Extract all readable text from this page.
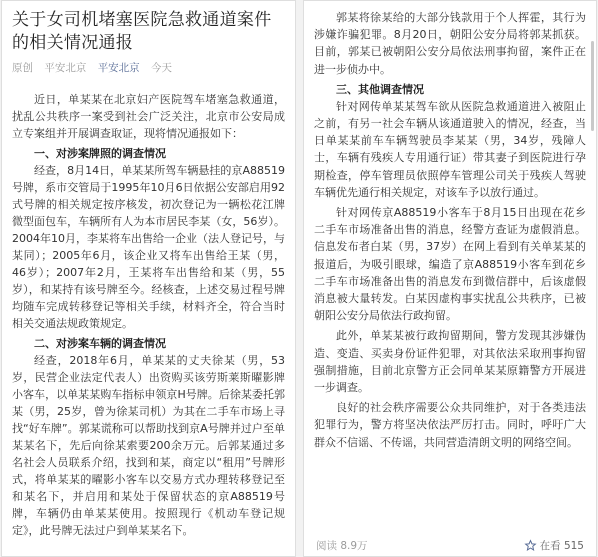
关于女司机堵塞医院急救通道案件的相关情况通报
原创 平安北京 平安北京 今天

近日，单某某在北京妇产医院驾车堵塞急救通道，扰乱公共秩序一案受到社会广泛关注，北京市公安局成立专案组并开展调查取证，现将情况通报如下：

一、对涉案牌照的调查情况

经查，8月14日，单某某所驾车辆悬挂的京A88519号牌，系市交管局于1995年10月6日依据公安部启用92式号牌的相关规定按序核发，初次登记为一辆松花江牌微型面包车，车辆所有人为本市居民李某（女，56岁）。2004年10月，李某将车出售给一企业（法人登记号，与某同）；2005年6月，该企业又将车出售给王某（男，46岁）；2007年2月，王某将车出售给和某（男，55岁），和某持有该号牌至今。经核查，上述交易过程号牌均随车完成转移登记等相关手续，材料齐全，符合当时相关交通法规政策规定。

二、对涉案车辆的调查情况

经查，2018年6月，单某某的丈夫徐某（男，53岁，民营企业法定代表人）出资购买该劳斯莱斯曜影牌小客车，以单某某购车指标申领京H号牌。后徐某委托郭某（男，25岁，曾为徐某司机）为其在二手车市场上寻找“好车牌”。郭某谎称可以帮助找到京A号牌并过户至单某某名下，先后向徐某索要200余万元。后郭某通过多名社会人员联系介绍，找到和某，商定以“租用”号牌形式，将单某某的曜影小客车以交易方式办理转移登记至和某名下，并启用和某处于保留状态的京A88519号牌，车辆仍由单某某使用。按照现行《机动车登记规定》，此号牌无法过户到单某某名下。

郭某将徐某给的大部分钱款用于个人挥霍，其行为涉嫌诈骗犯罪。8月20日，朝阳公安分局将郭某抓获。目前，郭某已被朝阳公安分局依法刑事拘留，案件正在进一步侦办中。

三、其他调查情况

针对网传单某某驾车欲从医院急救通道进入被阻止之前，有另一社会车辆从该通道驶入的情况，经查，当日单某某前车车辆驾驶员李某某（男，34岁，残障人士，车辆有残疾人专用通行证）带其妻子到医院进行孕期检查，停车管理员依照停车管理公司关于残疾人驾驶车辆优先通行相关规定，对该车予以放行通过。

针对网传京A88519小客车于8月15日出现在花乡二手车市场准备出售的消息，经警方查证为虚假消息。信息发布者白某（男，37岁）在网上看到有关单某某的报道后，为吸引眼球，编造了京A88519小客车到花乡二手车市场准备出售的消息发布到微信群中，后该虚假消息被大量转发。白某因虚构事实扰乱公共秩序，已被朝阳公安分局依法行政拘留。

此外，单某某被行政拘留期间，警方发现其涉嫌伪造、变造、买卖身份证件犯罪，对其依法采取刑事拘留强制措施，目前北京警方正会同单某某原籍警方开展进一步调查。

良好的社会秩序需要公众共同维护，对于各类违法犯罪行为，警方将坚决依法严厉打击。同时，呼吁广大群众不信谣、不传谣，共同营造清朗文明的网络空间。

阅读 8.9万	在看 515
